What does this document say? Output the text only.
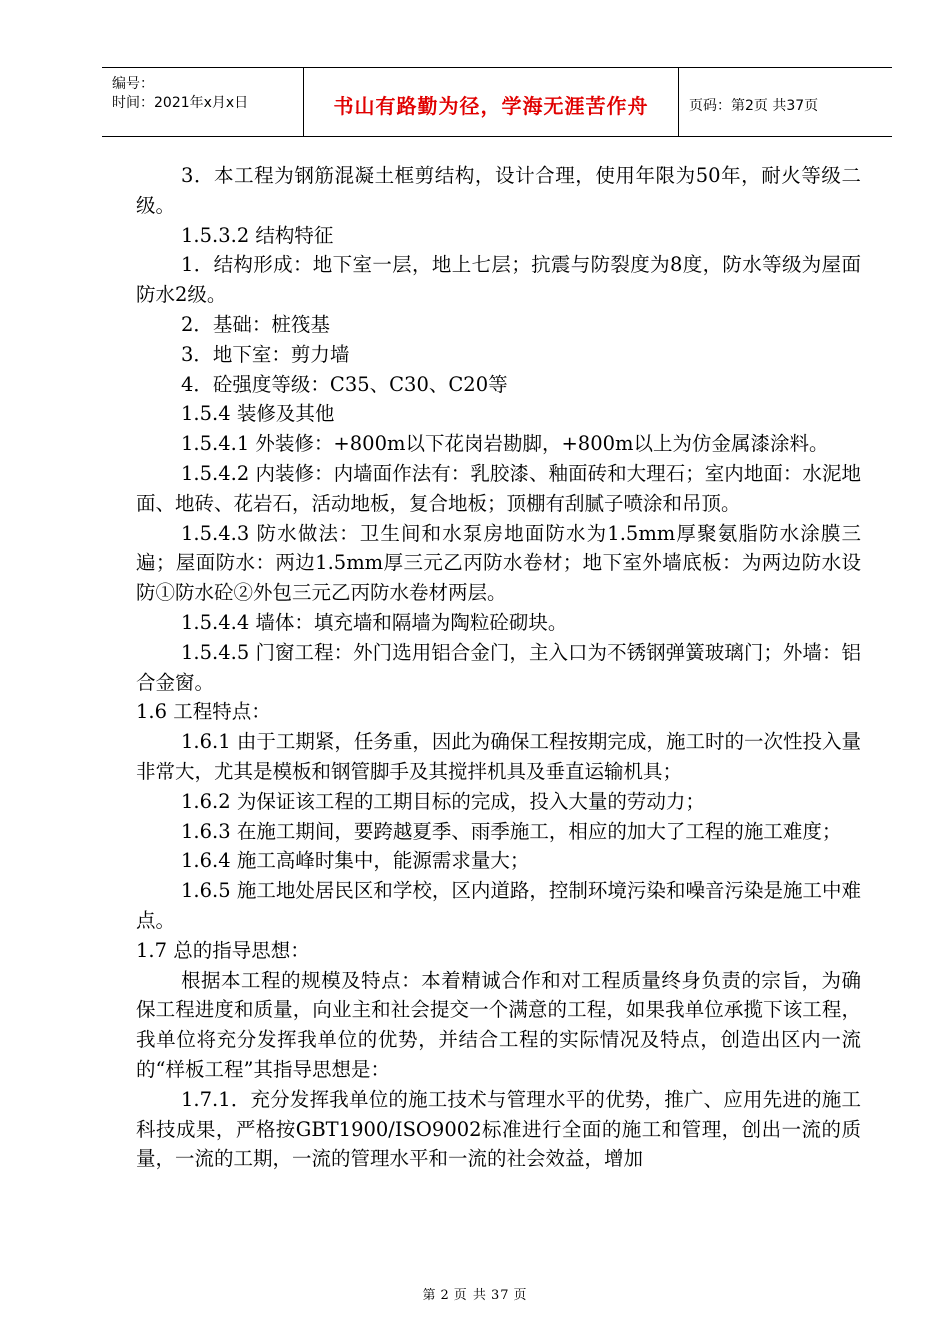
编号：
时间：2021年x月x日	书山有路勤为径，学海无涯苦作舟	页码：第2页 共37页

3．本工程为钢筋混凝土框剪结构，设计合理，使用年限为50年，耐火等级二级。

1.5.3.2 结构特征

1．结构形成：地下室一层，地上七层；抗震与防裂度为8度，防水等级为屋面防水2级。

2．基础：桩筏基

3．地下室：剪力墙

4．砼强度等级：C35、C30、C20等

1.5.4 装修及其他

1.5.4.1 外装修：+800m以下花岗岩勘脚，+800m以上为仿金属漆涂料。

1.5.4.2 内装修：内墙面作法有：乳胶漆、釉面砖和大理石；室内地面：水泥地面、地砖、花岩石，活动地板，复合地板；顶棚有刮腻子喷涂和吊顶。

1.5.4.3 防水做法：卫生间和水泵房地面防水为1.5mm厚聚氨脂防水涂膜三遍；屋面防水：两边1.5mm厚三元乙丙防水卷材；地下室外墙底板：为两边防水设防①防水砼②外包三元乙丙防水卷材两层。

1.5.4.4 墙体：填充墙和隔墙为陶粒砼砌块。

1.5.4.5 门窗工程：外门选用铝合金门，主入口为不锈钢弹簧玻璃门；外墙：铝合金窗。

1.6 工程特点：

1.6.1 由于工期紧，任务重，因此为确保工程按期完成，施工时的一次性投入量非常大，尤其是模板和钢管脚手及其搅拌机具及垂直运输机具；

1.6.2 为保证该工程的工期目标的完成，投入大量的劳动力；

1.6.3 在施工期间，要跨越夏季、雨季施工，相应的加大了工程的施工难度；

1.6.4 施工高峰时集中，能源需求量大；

1.6.5 施工地处居民区和学校，区内道路，控制环境污染和噪音污染是施工中难点。

1.7 总的指导思想：

根据本工程的规模及特点：本着精诚合作和对工程质量终身负责的宗旨，为确保工程进度和质量，向业主和社会提交一个满意的工程，如果我单位承揽下该工程，我单位将充分发挥我单位的优势，并结合工程的实际情况及特点，创造出区内一流的“样板工程”其指导思想是：

1.7.1．充分发挥我单位的施工技术与管理水平的优势，推广、应用先进的施工科技成果，严格按GBT1900/ISO9002标准进行全面的施工和管理，创出一流的质量，一流的工期，一流的管理水平和一流的社会效益，增加

第 2 页 共 37 页
